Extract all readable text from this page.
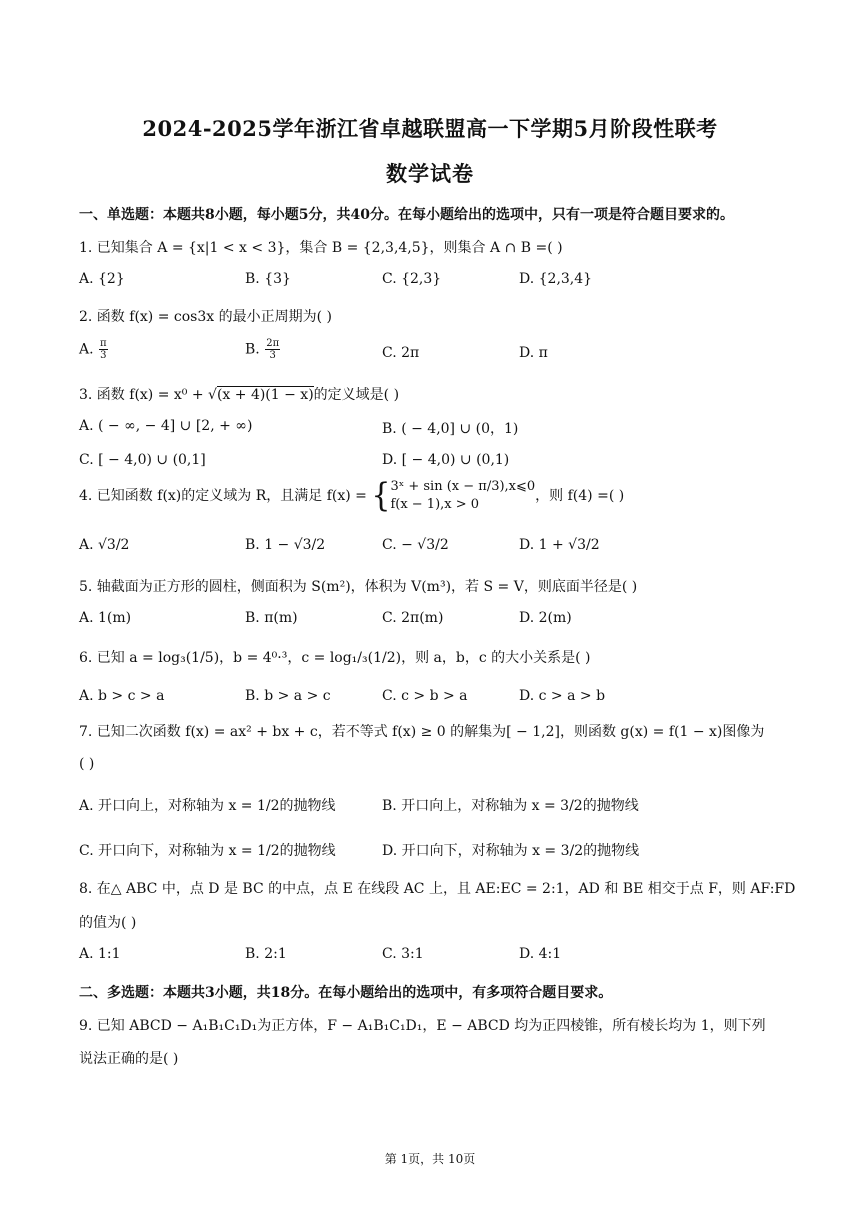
2024-2025学年浙江省卓越联盟高一下学期5月阶段性联考
数学试卷
一、单选题：本题共8小题，每小题5分，共40分。在每小题给出的选项中，只有一项是符合题目要求的。
1. 已知集合 A = {x|1 < x < 3}，集合 B = {2,3,4,5}，则集合 A ∩ B =( )
A. {2}	B. {3}	C. {2,3}	D. {2,3,4}
2. 函数 f(x) = cos3x 的最小正周期为( )
A. $\frac{\pi}{3}$	B. $\frac{2\pi}{3}$	C. 2π	D. π
3. 函数 f(x) = x⁰ + √(x + 4)(1 − x)的定义域是( )
A. ( − ∞, − 4] ∪ [2, + ∞)	B. ( − 4,0] ∪ (0，1)
C. [ − 4,0) ∪ (0,1]	D. [ − 4,0) ∪ (0,1)
4. 已知函数 f(x)的定义域为 R，且满足 f(x) = { 3ˣ + sin (x − π/3),x⩽0
f(x − 1),x > 0
，则 f(4) =( )
A. √3/2	B. 1 − √3/2	C. − √3/2	D. 1 + √3/2
5. 轴截面为正方形的圆柱，侧面积为 S(m²)，体积为 V(m³)，若 S = V，则底面半径是( )
A. 1(m)	B. π(m)	C. 2π(m)	D. 2(m)
6. 已知 a = log₃(1/5)，b = 4⁰·³，c = log₁/₃(1/2)，则 a，b，c 的大小关系是( )
A. b > c > a	B. b > a > c	C. c > b > a	D. c > a > b
7. 已知二次函数 f(x) = ax² + bx + c，若不等式 f(x) ≥ 0 的解集为[ − 1,2]，则函数 g(x) = f(1 − x)图像为
( )
A. 开口向上，对称轴为 x = 1/2的抛物线	B. 开口向上，对称轴为 x = 3/2的抛物线
C. 开口向下，对称轴为 x = 1/2的抛物线	D. 开口向下，对称轴为 x = 3/2的抛物线
8. 在△ ABC 中，点 D 是 BC 的中点，点 E 在线段 AC 上，且 AE:EC = 2:1，AD 和 BE 相交于点 F，则 AF:FD
的值为( )
A. 1:1	B. 2:1	C. 3:1	D. 4:1
二、多选题：本题共3小题，共18分。在每小题给出的选项中，有多项符合题目要求。
9. 已知 ABCD − A₁B₁C₁D₁为正方体，F − A₁B₁C₁D₁，E − ABCD 均为正四棱锥，所有棱长均为 1，则下列
说法正确的是( )
第 1页，共 10页
